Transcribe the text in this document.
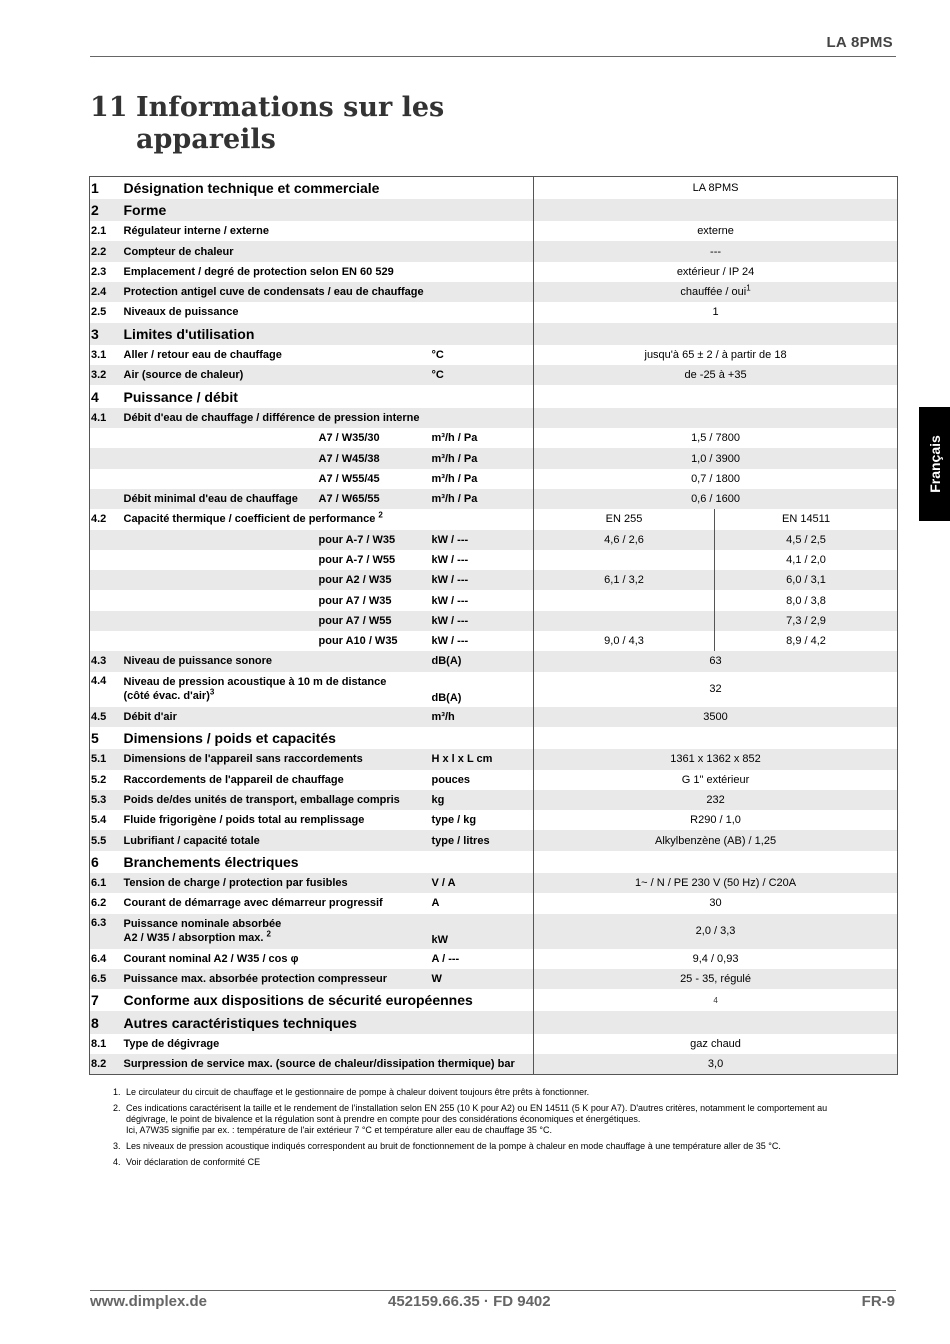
LA 8PMS
11 Informations sur les appareils
Français
1	Désignation technique et commerciale			LA 8PMS	
2	Forme				
2.1	Régulateur interne / externe			externe	
2.2	Compteur de chaleur			---	
2.3	Emplacement / degré de protection selon EN 60 529			extérieur / IP 24	
2.4	Protection antigel cuve de condensats / eau de chauffage			chauffée / oui$^1$
2.5	Niveaux de puissance			1	
3	Limites d'utilisation				
3.1	Aller / retour eau de chauffage		°C	jusqu'à 65 ± 2 / à partir de 18	
3.2	Air (source de chaleur)		°C	de -25 à +35	
4	Puissance / débit				
4.1	Débit d'eau de chauffage / différence de pression interne				
		A7 / W35/30	m³/h / Pa	1,5 / 7800	
		A7 / W45/38	m³/h / Pa	1,0 / 3900	
		A7 / W55/45	m³/h / Pa	0,7 / 1800	
	Débit minimal d'eau de chauffage	A7 / W65/55	m³/h / Pa	0,6 / 1600	
4.2	Capacité thermique / coefficient de performance $^2$			EN 255	EN 14511
		pour A-7 / W35	kW / ---	4,6 / 2,6	4,5 / 2,5
		pour A-7 / W55	kW / ---		4,1 / 2,0
		pour A2 / W35	kW / ---	6,1 / 3,2	6,0 / 3,1
		pour A7 / W35	kW / ---		8,0 / 3,8
		pour A7 / W55	kW / ---		7,3 / 2,9
		pour A10 / W35	kW / ---	9,0 / 4,3	8,9 / 4,2
4.3	Niveau de puissance sonore		dB(A)	63	
4.4	Niveau de pression acoustique à 10 m de distance
(côté évac. d'air)$^3$		dB(A)	32	
4.5	Débit d'air		m³/h	3500	
5	Dimensions / poids et capacités				
5.1	Dimensions de l'appareil sans raccordements		H x l x L cm	1361 x 1362 x 852	
5.2	Raccordements de l'appareil de chauffage		pouces	G 1" extérieur	
5.3	Poids de/des unités de transport, emballage compris		kg	232	
5.4	Fluide frigorigène / poids total au remplissage		type / kg	R290 / 1,0	
5.5	Lubrifiant / capacité totale		type / litres	Alkylbenzène (AB) / 1,25	
6	Branchements électriques				
6.1	Tension de charge / protection par fusibles		V / A	1~ / N / PE 230 V (50 Hz) / C20A	
6.2	Courant de démarrage avec démarreur progressif		A	30	
6.3	Puissance nominale absorbée
A2 / W35 / absorption max. $^2$		kW	2,0 / 3,3	
6.4	Courant nominal A2 / W35 / cos φ		A / ---	9,4 / 0,93	
6.5	Puissance max. absorbée protection compresseur		W	25 - 35, régulé	
7	Conforme aux dispositions de sécurité européennes			4	
8	Autres caractéristiques techniques				
8.1	Type de dégivrage			gaz chaud	
8.2	Surpression de service max. (source de chaleur/dissipation thermique) bar			3,0	
1. Le circulateur du circuit de chauffage et le gestionnaire de pompe à chaleur doivent toujours être prêts à fonctionner.
2. Ces indications caractérisent la taille et le rendement de l'installation selon EN 255 (10 K pour A2) ou EN 14511 (5 K pour A7). D'autres critères, notamment le comportement au
dégivrage, le point de bivalence et la régulation sont à prendre en compte pour des considérations économiques et énergétiques.
Ici, A7W35 signifie par ex. : température de l'air extérieur 7 °C et température aller eau de chauffage 35 °C.
3. Les niveaux de pression acoustique indiqués correspondent au bruit de fonctionnement de la pompe à chaleur en mode chauffage à une température aller de 35 °C.
4. Voir déclaration de conformité CE
www.dimplex.de	452159.66.35 · FD 9402	FR-9
